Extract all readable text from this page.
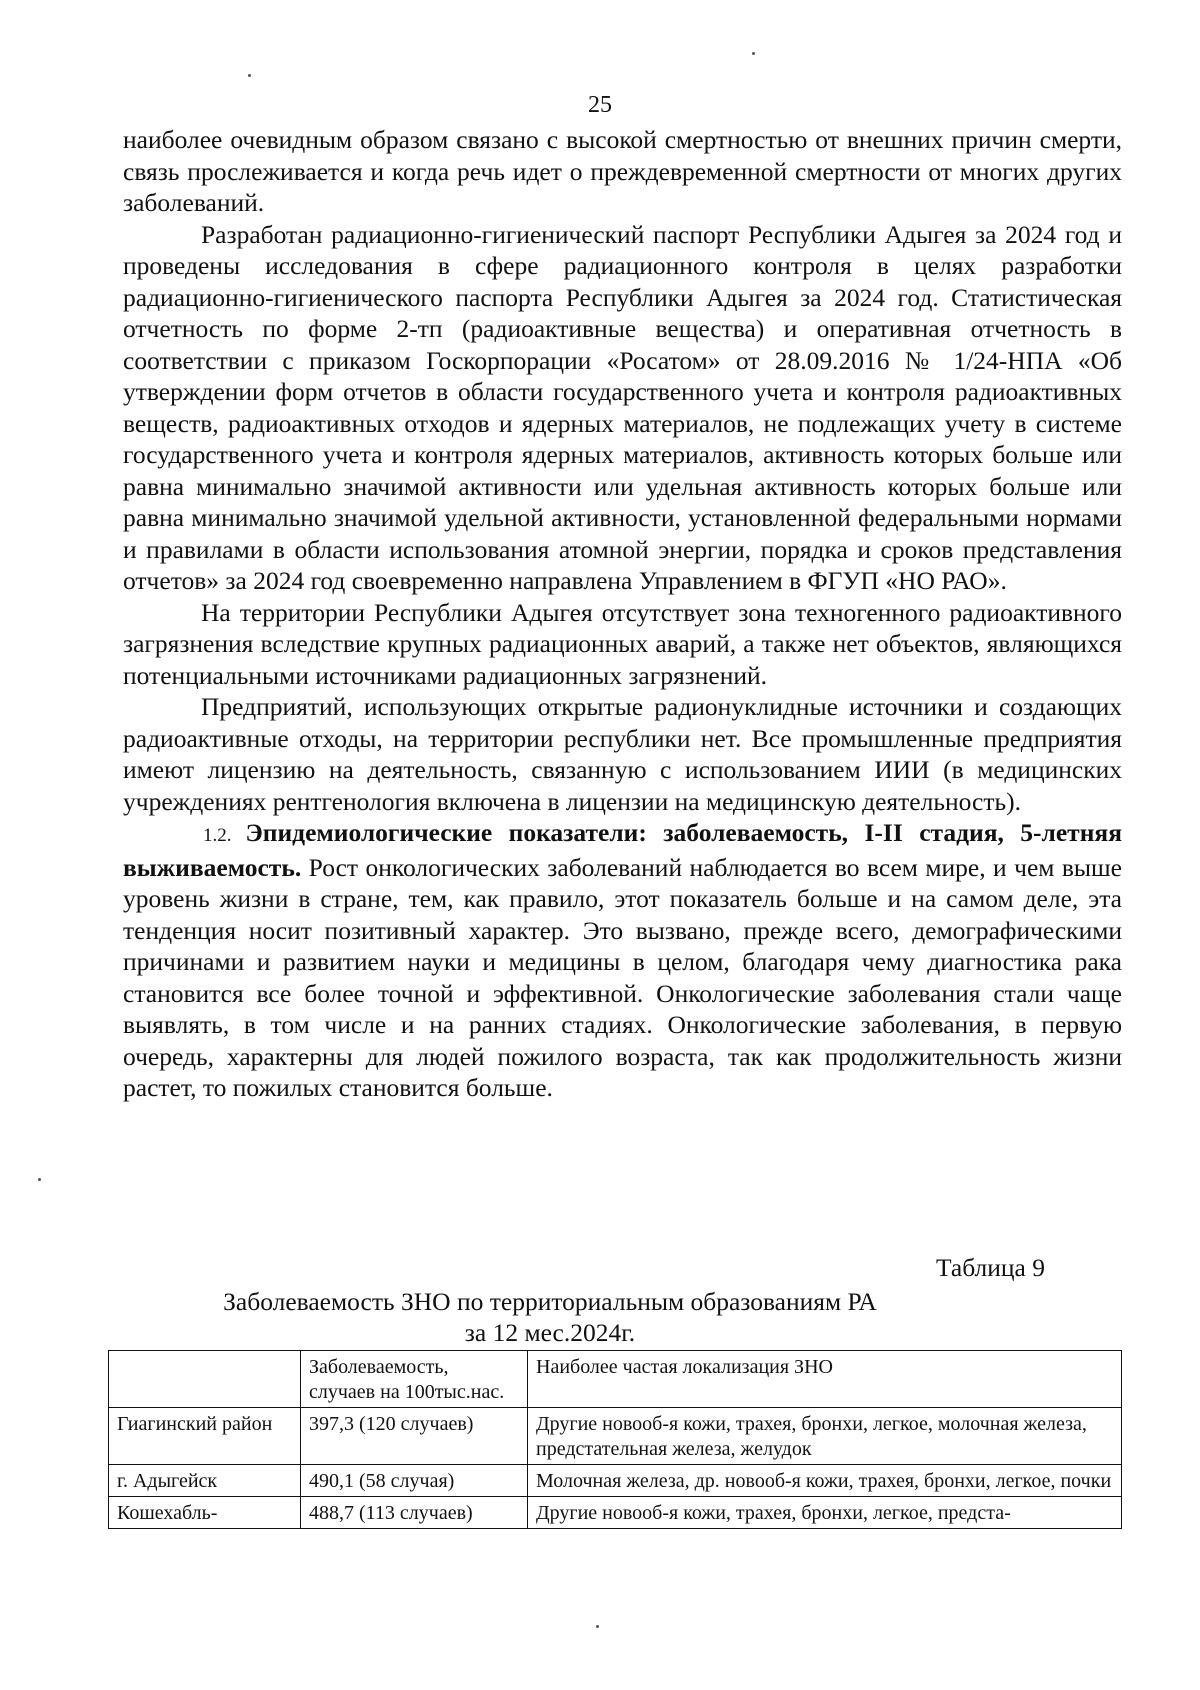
25

наиболее очевидным образом связано с высокой смертностью от внешних причин смерти, связь прослеживается и когда речь идет о преждевременной смертности от многих других заболеваний.

Разработан радиационно-гигиенический паспорт Республики Адыгея за 2024 год и проведены исследования в сфере радиационного контроля в целях разработки радиационно-гигиенического паспорта Республики Адыгея за 2024 год. Статистическая отчетность по форме 2-тп (радиоактивные вещества) и оперативная отчетность в соответствии с приказом Госкорпорации «Росатом» от 28.09.2016 № 1/24-НПА «Об утверждении форм отчетов в области государственного учета и контроля радиоактивных веществ, радиоактивных отходов и ядерных материалов, не подлежащих учету в системе государственного учета и контроля ядерных материалов, активность которых больше или равна минимально значимой активности или удельная активность которых больше или равна минимально значимой удельной активности, установленной федеральными нормами и правилами в области использования атомной энергии, порядка и сроков представления отчетов» за 2024 год своевременно направлена Управлением в ФГУП «НО РАО».

На территории Республики Адыгея отсутствует зона техногенного радиоактивного загрязнения вследствие крупных радиационных аварий, а также нет объектов, являющихся потенциальными источниками радиационных загрязнений.

Предприятий, использующих открытые радионуклидные источники и создающих радиоактивные отходы, на территории республики нет. Все промышленные предприятия имеют лицензию на деятельность, связанную с использованием ИИИ (в медицинских учреждениях рентгенология включена в лицензии на медицинскую деятельность).

1.2. Эпидемиологические показатели: заболеваемость, I-II стадия, 5-летняя выживаемость. Рост онкологических заболеваний наблюдается во всем мире, и чем выше уровень жизни в стране, тем, как правило, этот показатель больше и на самом деле, эта тенденция носит позитивный характер. Это вызвано, прежде всего, демографическими причинами и развитием науки и медицины в целом, благодаря чему диагностика рака становится все более точной и эффективной. Онкологические заболевания стали чаще выявлять, в том числе и на ранних стадиях. Онкологические заболевания, в первую очередь, характерны для людей пожилого возраста, так как продолжительность жизни растет, то пожилых становится больше.

Таблица 9
Заболеваемость ЗНО по территориальным образованиям РА
за 12 мес.2024г.
	Заболеваемость, случаев на 100тыс.нас.	Наиболее частая локализация ЗНО
Гиагинский район	397,3 (120 случаев)	Другие новооб-я кожи, трахея, бронхи, легкое, молочная железа, предстательная железа, желудок
г. Адыгейск	490,1 (58 случая)	Молочная железа, др. новооб-я кожи, трахея, бронхи, легкое, почки
Кошехабль-	488,7 (113 случаев)	Другие новооб-я кожи, трахея, бронхи, легкое, предста-
